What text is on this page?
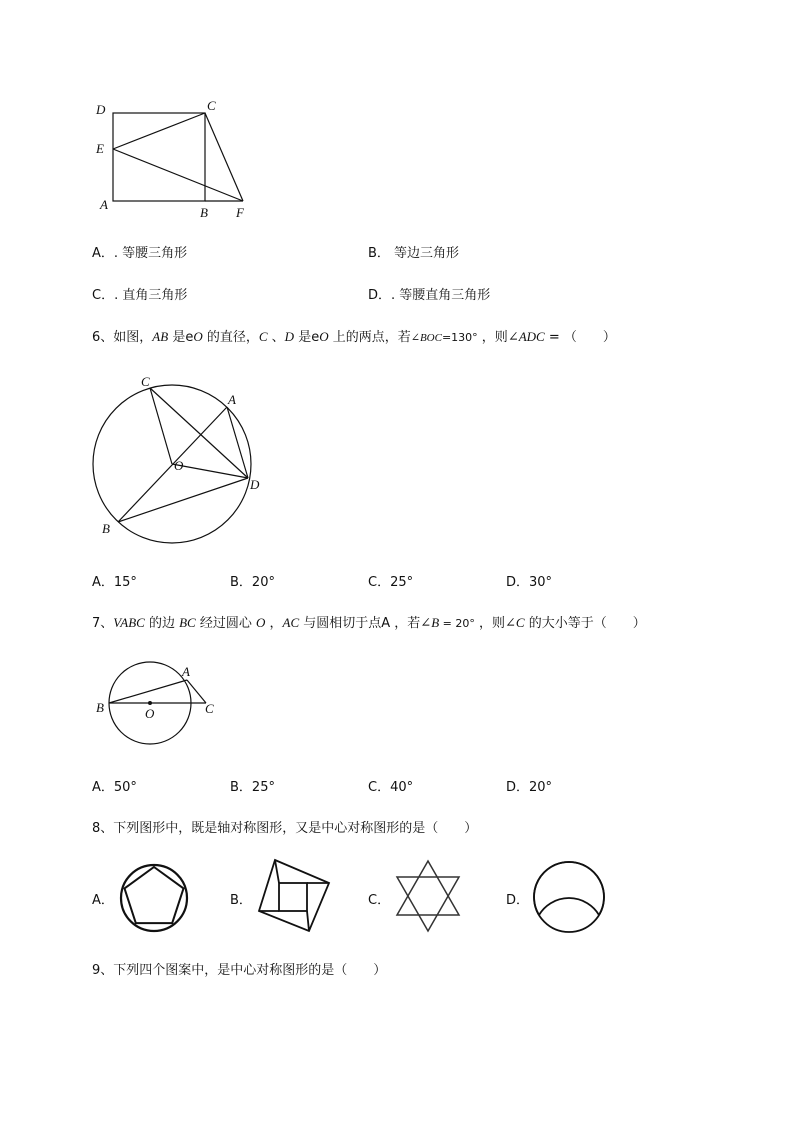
D	C
E
A
B F
A．. 等腰三角形	B． 等边三角形
C．. 直角三角形	D．. 等腰直角三角形
6、如图，AB 是eO 的直径，C 、D 是eO 上的两点，若∠BOC=130° ，则∠ADC = （　　）
C
A
O
D
B
A．15°	B．20°	C．25°	D．30°
7、VABC 的边 BC 经过圆心 O ，AC 与圆相切于点A ，若∠B = 20° ，则∠C 的大小等于（　　）
A
B	O	C
A．50°	B．25°	C．40°	D．20°
8、下列图形中，既是轴对称图形，又是中心对称图形的是（　　）
A．	B．	C．	D．
9、下列四个图案中，是中心对称图形的是（　　）
